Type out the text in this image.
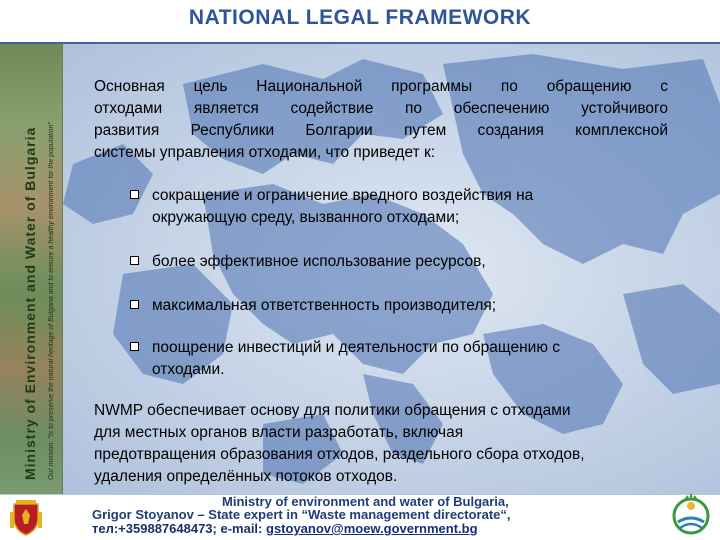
Ministry of Environment and Water of Bulgaria Our mission: "Is to preserve the natural heritage of Bulgaria and to ensure a healthy environment for the population"
NATIONAL LEGAL FRAMEWORK

Основная цель Национальной программы по обращению с

отходами является содействие по обеспечению устойчивого

развития Республики Болгарии путем создания комплексной

системы управления отходами, что приведет к:

сокращение и ограничение вредного воздействия на
окружающую среду, вызванного отходами;
более эффективное использование ресурсов,
максимальная ответственность производителя;
поощрение инвестиций и деятельности по обращению с
отходами.
NWMP обеспечивает основу для политики обращения с отходами
для местных органов власти разработать, включая
предотвращения образования отходов, раздельного сбора отходов,
удаления определённых потоков отходов.
Ministry of environment and water of Bulgaria,
Grigor Stoyanov – State expert in “Waste management directorate“,
тел:+359887648473; e-mail: gstoyanov@moew.government.bg
